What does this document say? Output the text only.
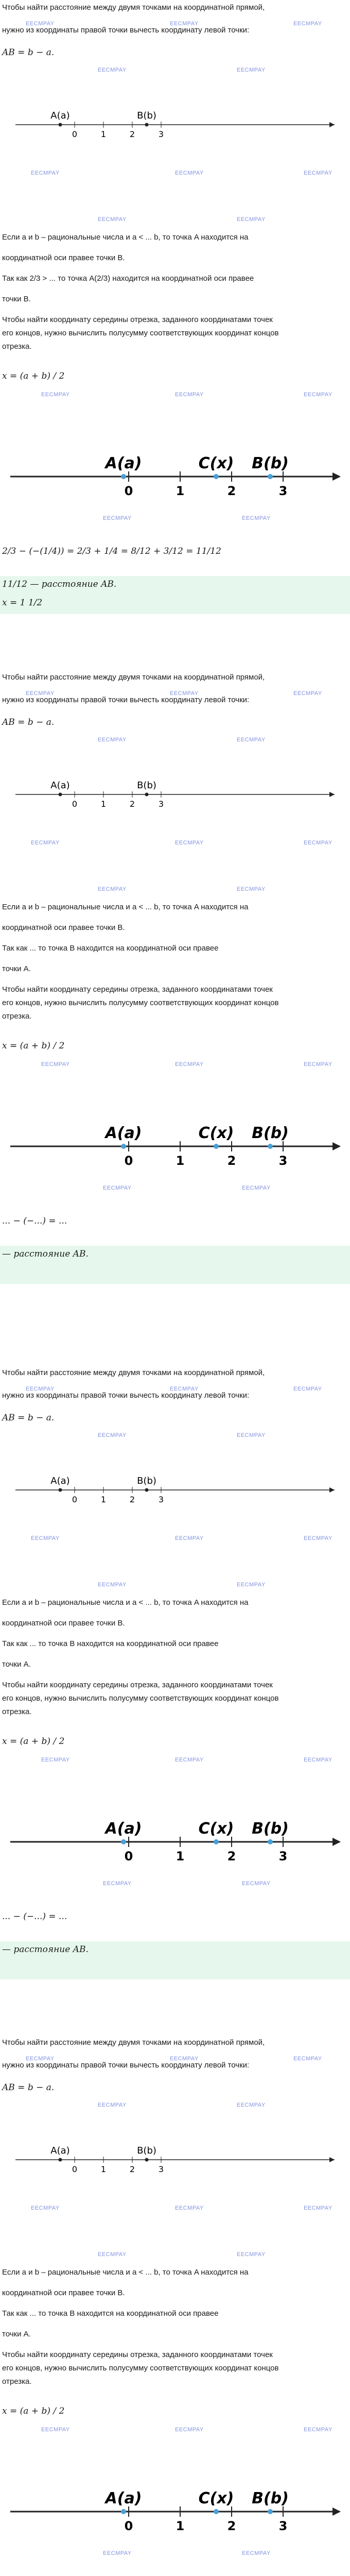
Чтобы найти расстояние между двумя точками на координатной прямой,
нужно из координаты правой точки вычесть координату левой точки:
AB = b − a.
0	1	2	3
A(a)	B(b)
Если a и b – рациональные числа и a < ... b, то точка A находится на
координатной оси правее точки B.
Так как 2/3 > ... то точка A(2/3) находится на координатной оси правее
точки B.
Чтобы найти координату середины отрезка, заданного координатами точек
его концов, нужно вычислить полусумму соответствующих координат концов
отрезка.
x = (a + b) / 2
0	1	2	3
A(a)	C(x) B(b)
2/3 − (−(1/4)) = 2/3 + 1/4 = 8/12 + 3/12 = 11/12
11/12 — расстояние AB.
x = 1 1/2
EECMPAY	EECMPAY	EECMPAY
EECMPAY	EECMPAY
EECMPAY	EECMPAY	EECMPAY
EECMPAY	EECMPAY
EECMPAY	EECMPAY	EECMPAY
EECMPAY	EECMPAY
Чтобы найти расстояние между двумя точками на координатной прямой,
нужно из координаты правой точки вычесть координату левой точки:
AB = b − a.
0	1	2	3
A(a)	B(b)
Если a и b – рациональные числа и a < ... b, то точка A находится на
координатной оси правее точки B.
Так как ... то точка B находится на координатной оси правее
точки A.
Чтобы найти координату середины отрезка, заданного координатами точек
его концов, нужно вычислить полусумму соответствующих координат концов
отрезка.
x = (a + b) / 2
0	1	2	3
A(a)	C(x) B(b)
... − (−...) = ...
— расстояние AB.
EECMPAY	EECMPAY	EECMPAY
EECMPAY	EECMPAY
EECMPAY	EECMPAY	EECMPAY
EECMPAY	EECMPAY
EECMPAY	EECMPAY	EECMPAY
EECMPAY	EECMPAY
Чтобы найти расстояние между двумя точками на координатной прямой,
нужно из координаты правой точки вычесть координату левой точки:
AB = b − a.
0	1	2	3
A(a)	B(b)
Если a и b – рациональные числа и a < ... b, то точка A находится на
координатной оси правее точки B.
Так как ... то точка B находится на координатной оси правее
точки A.
Чтобы найти координату середины отрезка, заданного координатами точек
его концов, нужно вычислить полусумму соответствующих координат концов
отрезка.
x = (a + b) / 2
0	1	2	3
A(a)	C(x) B(b)
... − (−...) = ...
— расстояние AB.
EECMPAY	EECMPAY	EECMPAY
EECMPAY	EECMPAY
EECMPAY	EECMPAY	EECMPAY
EECMPAY	EECMPAY
EECMPAY	EECMPAY	EECMPAY
EECMPAY	EECMPAY
Чтобы найти расстояние между двумя точками на координатной прямой,
нужно из координаты правой точки вычесть координату левой точки:
AB = b − a.
0	1	2	3
A(a)	B(b)
Если a и b – рациональные числа и a < ... b, то точка A находится на
координатной оси правее точки B.
Так как ... то точка B находится на координатной оси правее
точки A.
Чтобы найти координату середины отрезка, заданного координатами точек
его концов, нужно вычислить полусумму соответствующих координат концов
отрезка.
x = (a + b) / 2
0	1	2	3
A(a)	C(x) B(b)
EECMPAY	EECMPAY	EECMPAY
EECMPAY	EECMPAY
EECMPAY	EECMPAY	EECMPAY
EECMPAY	EECMPAY
EECMPAY	EECMPAY	EECMPAY
EECMPAY	EECMPAY
